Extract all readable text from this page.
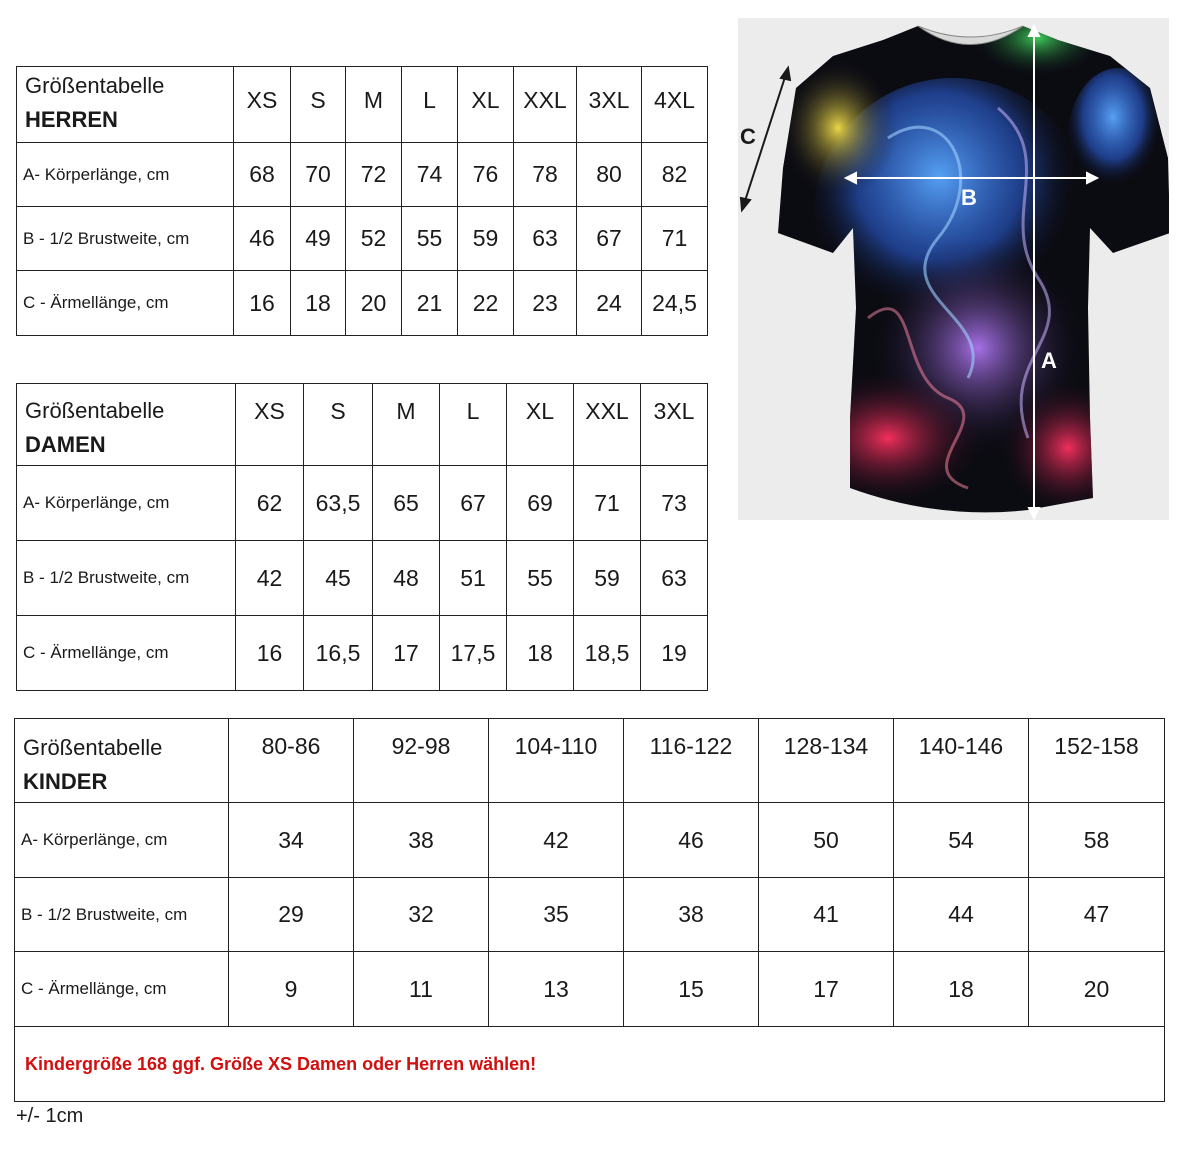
Größentabelle
HERREN	XS	S	M	L	XL	XXL	3XL	4XL
A- Körperlänge, cm	68	70	72	74	76	78	80	82
B - 1/2 Brustweite, cm	46	49	52	55	59	63	67	71
C - Ärmellänge, cm	16	18	20	21	22	23	24	24,5
Größentabelle
DAMEN	XS	S	M	L	XL	XXL	3XL
A- Körperlänge, cm	62	63,5	65	67	69	71	73
B - 1/2 Brustweite, cm	42	45	48	51	55	59	63
C - Ärmellänge, cm	16	16,5	17	17,5	18	18,5	19
Größentabelle
KINDER	80-86	92-98	104-110	116-122	128-134	140-146	152-158
A- Körperlänge, cm	34	38	42	46	50	54	58
B - 1/2 Brustweite, cm	29	32	35	38	41	44	47
C - Ärmellänge, cm	9	11	13	15	17	18	20
Kindergröße 168 ggf. Größe XS Damen oder Herren wählen!							
+/- 1cm
B
A
C
